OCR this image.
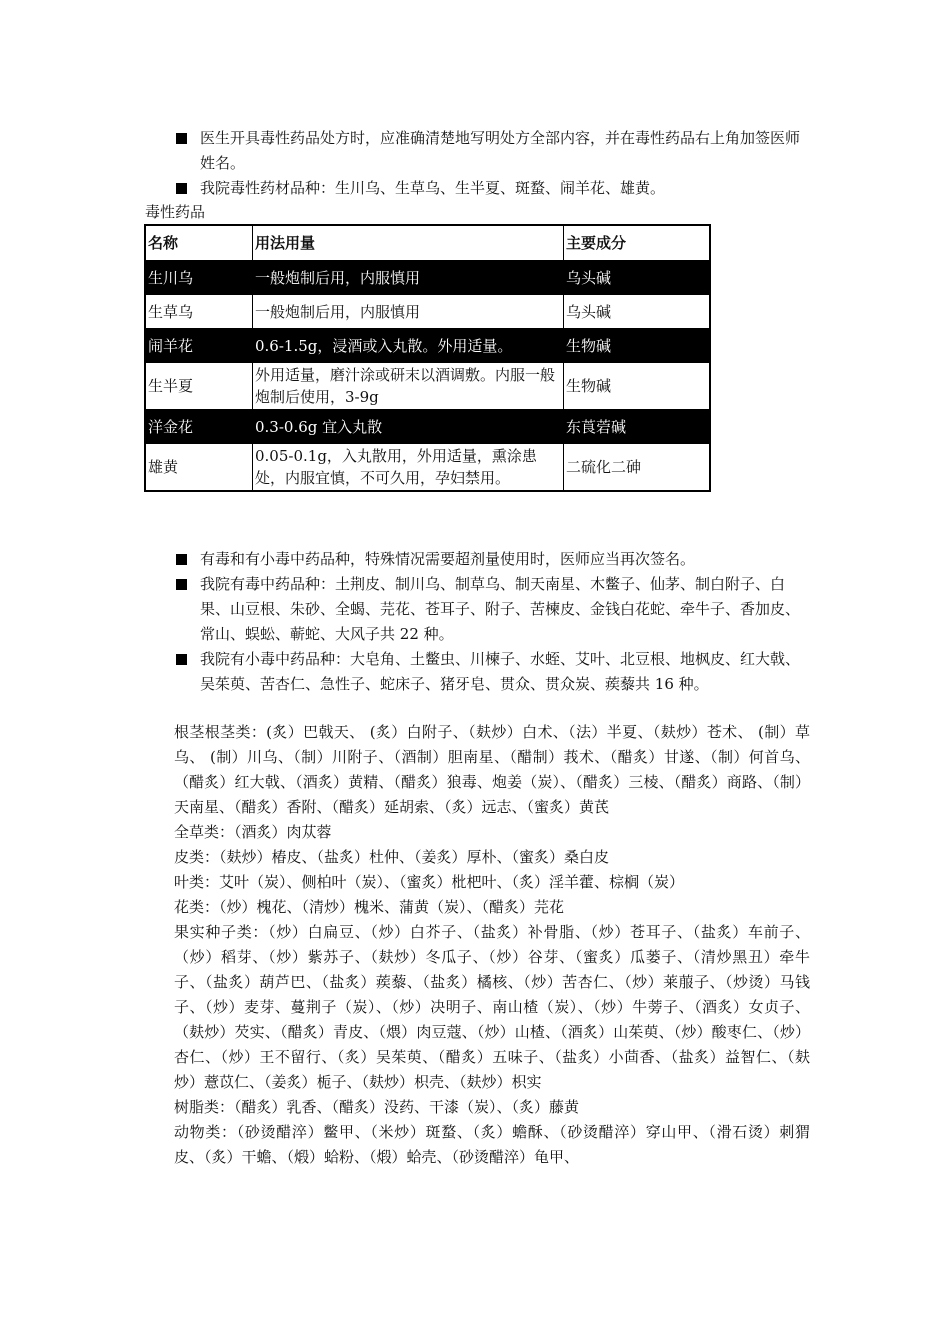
医生开具毒性药品处方时，应准确清楚地写明处方全部内容，并在毒性药品右上角加签医师姓名。
我院毒性药材品种：生川乌、生草乌、生半夏、斑蝥、闹羊花、雄黄。
毒性药品
名称	用法用量	主要成分
生川乌	一般炮制后用，内服慎用	乌头碱
生草乌	一般炮制后用，内服慎用	乌头碱
闹羊花	0.6-1.5g，浸酒或入丸散。外用适量。	生物碱
生半夏	外用适量，磨汁涂或研末以酒调敷。内服一般炮制后使用，3-9g	生物碱
洋金花	0.3-0.6g 宜入丸散	东莨菪碱
雄黄	0.05-0.1g，入丸散用，外用适量，熏涂患处，内服宜慎，不可久用，孕妇禁用。	二硫化二砷
有毒和有小毒中药品种，特殊情况需要超剂量使用时，医师应当再次签名。
我院有毒中药品种：土荆皮、制川乌、制草乌、制天南星、木鳖子、仙茅、制白附子、白果、山豆根、朱砂、全蝎、芫花、苍耳子、附子、苦楝皮、金钱白花蛇、牵牛子、香加皮、常山、蜈蚣、蕲蛇、大风子共 22 种。
我院有小毒中药品种：大皂角、土鳖虫、川楝子、水蛭、艾叶、北豆根、地枫皮、红大戟、吴茱萸、苦杏仁、急性子、蛇床子、猪牙皂、贯众、贯众炭、蒺藜共 16 种。

根茎根茎类：(炙）巴戟天、 (炙）白附子、（麸炒）白术、（法）半夏、（麸炒）苍术、 (制）草乌、 (制）川乌、（制）川附子、（酒制）胆南星、（醋制）莪术、（醋炙）甘遂、（制）何首乌、（醋炙）红大戟、（酒炙）黄精、（醋炙）狼毒、炮姜（炭）、（醋炙）三棱、（醋炙）商路、（制）天南星、（醋炙）香附、（醋炙）延胡索、（炙）远志、（蜜炙）黄芪

全草类：（酒炙）肉苁蓉

皮类：（麸炒）椿皮、（盐炙）杜仲、（姜炙）厚朴、（蜜炙）桑白皮

叶类：艾叶（炭）、侧柏叶（炭）、（蜜炙）枇杷叶、（炙）淫羊藿、棕榈（炭）

花类：（炒）槐花、（清炒）槐米、蒲黄（炭）、（醋炙）芫花

果实种子类：（炒）白扁豆、（炒）白芥子、（盐炙）补骨脂、（炒）苍耳子、（盐炙）车前子、（炒）稻芽、（炒）紫苏子、（麸炒）冬瓜子、（炒）谷芽、（蜜炙）瓜蒌子、（清炒黑丑）牵牛子、（盐炙）葫芦巴、（盐炙）蒺藜、（盐炙）橘核、（炒）苦杏仁、（炒）莱菔子、（炒烫）马钱子、（炒）麦芽、蔓荆子（炭）、（炒）决明子、南山楂（炭）、（炒）牛蒡子、（酒炙）女贞子、（麸炒）芡实、（醋炙）青皮、（煨）肉豆蔻、（炒）山楂、（酒炙）山茱萸、（炒）酸枣仁、（炒）杏仁、（炒）王不留行、（炙）吴茱萸、（醋炙）五味子、（盐炙）小茴香、（盐炙）益智仁、（麸炒）薏苡仁、（姜炙）栀子、（麸炒）枳壳、（麸炒）枳实

树脂类：（醋炙）乳香、（醋炙）没药、干漆（炭）、（炙）藤黄

动物类：（砂烫醋淬）鳖甲、（米炒）斑蝥、（炙）蟾酥、（砂烫醋淬）穿山甲、（滑石烫）刺猬皮、（炙）干蟾、（煅）蛤粉、（煅）蛤壳、（砂烫醋淬）龟甲、
